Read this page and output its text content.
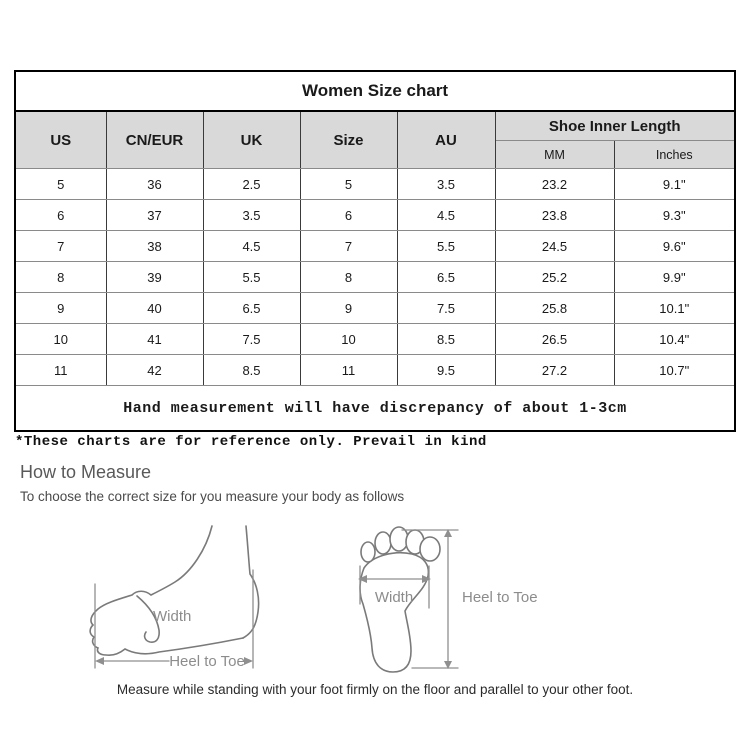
Women Size chart						
US	CN/EUR	UK	Size	AU	Shoe Inner Length	
					MM	Inches
5	36	2.5	5	3.5	23.2	9.1"
6	37	3.5	6	4.5	23.8	9.3"
7	38	4.5	7	5.5	24.5	9.6"
8	39	5.5	8	6.5	25.2	9.9"
9	40	6.5	9	7.5	25.8	10.1"
10	41	7.5	10	8.5	26.5	10.4"
11	42	8.5	11	9.5	27.2	10.7"
Hand measurement will have discrepancy of about 1-3cm						
*These charts are for reference only. Prevail in kind
How to Measure
To choose the correct size for you measure your body as follows
Width
Heel to Toe
Width	Heel to Toe
Measure while standing with your foot firmly on the floor and parallel to your other foot.
